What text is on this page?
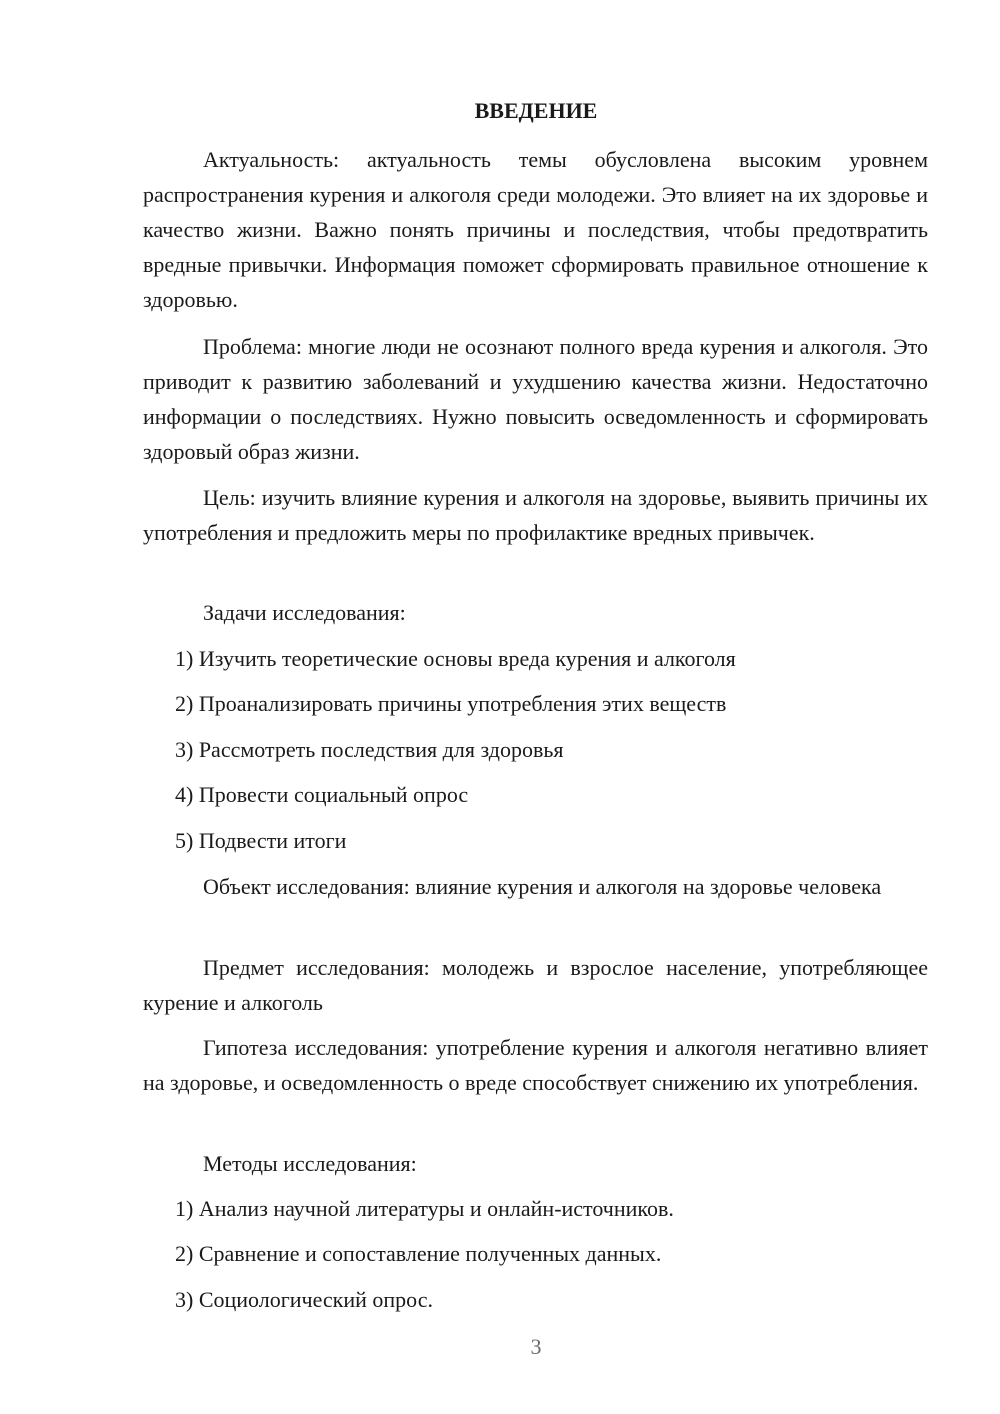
ВВЕДЕНИЕ

Актуальность: актуальность темы обусловлена высоким уровнем распространения курения и алкоголя среди молодежи. Это влияет на их здоровье и качество жизни. Важно понять причины и последствия, чтобы предотвратить вредные привычки. Информация поможет сформировать правильное отношение к здоровью.

Проблема: многие люди не осознают полного вреда курения и алкоголя. Это приводит к развитию заболеваний и ухудшению качества жизни. Недостаточно информации о последствиях. Нужно повысить осведомленность и сформировать здоровый образ жизни.

Цель: изучить влияние курения и алкоголя на здоровье, выявить причины их употребления и предложить меры по профилактике вредных привычек.

Задачи исследования:

1) Изучить теоретические основы вреда курения и алкоголя

2) Проанализировать причины употребления этих веществ

3) Рассмотреть последствия для здоровья

4) Провести социальный опрос

5) Подвести итоги

Объект исследования: влияние курения и алкоголя на здоровье человека

Предмет исследования: молодежь и взрослое население, употребляющее курение и алкоголь

Гипотеза исследования: употребление курения и алкоголя негативно влияет на здоровье, и осведомленность о вреде способствует снижению их употребления.

Методы исследования:

1) Анализ научной литературы и онлайн-источников.

2) Сравнение и сопоставление полученных данных.

3) Социологический опрос.

3
